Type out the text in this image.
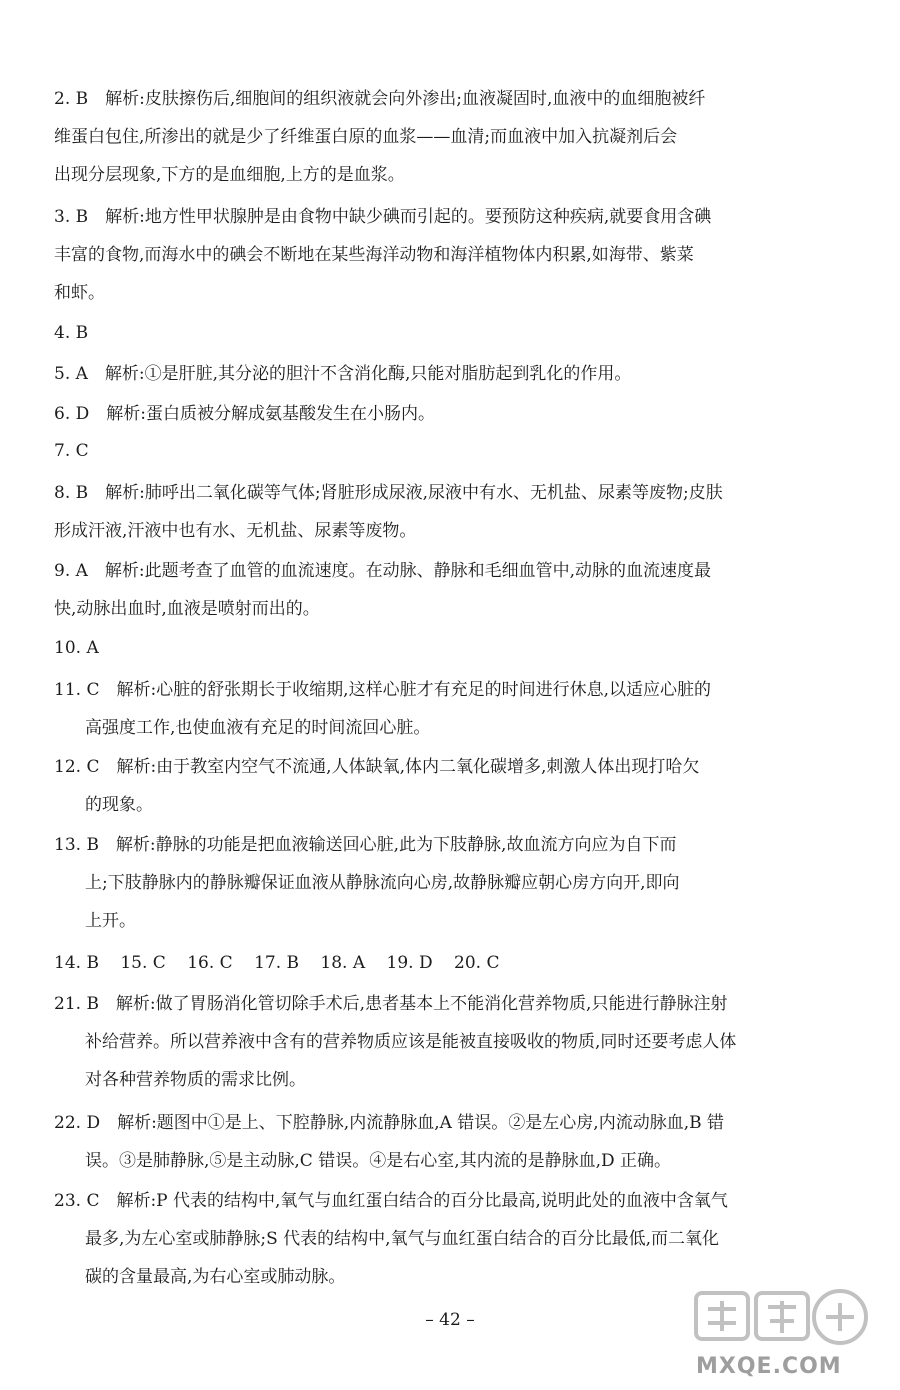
2. B　解析:皮肤擦伤后,细胞间的组织液就会向外渗出;血液凝固时,血液中的血细胞被纤
维蛋白包住,所渗出的就是少了纤维蛋白原的血浆——血清;而血液中加入抗凝剂后会
出现分层现象,下方的是血细胞,上方的是血浆。
3. B　解析:地方性甲状腺肿是由食物中缺少碘而引起的。要预防这种疾病,就要食用含碘
丰富的食物,而海水中的碘会不断地在某些海洋动物和海洋植物体内积累,如海带、紫菜
和虾。
4. B
5. A　解析:①是肝脏,其分泌的胆汁不含消化酶,只能对脂肪起到乳化的作用。
6. D　解析:蛋白质被分解成氨基酸发生在小肠内。
7. C
8. B　解析:肺呼出二氧化碳等气体;肾脏形成尿液,尿液中有水、无机盐、尿素等废物;皮肤
形成汗液,汗液中也有水、无机盐、尿素等废物。
9. A　解析:此题考查了血管的血流速度。在动脉、静脉和毛细血管中,动脉的血流速度最
快,动脉出血时,血液是喷射而出的。
10. A
11. C　解析:心脏的舒张期长于收缩期,这样心脏才有充足的时间进行休息,以适应心脏的
高强度工作,也使血液有充足的时间流回心脏。
12. C　解析:由于教室内空气不流通,人体缺氧,体内二氧化碳增多,刺激人体出现打哈欠
的现象。
13. B　解析:静脉的功能是把血液输送回心脏,此为下肢静脉,故血流方向应为自下而
上;下肢静脉内的静脉瓣保证血液从静脉流向心房,故静脉瓣应朝心房方向开,即向
上开。
14. B 15. C 16. C 17. B 18. A 19. D 20. C
21. B　解析:做了胃肠消化管切除手术后,患者基本上不能消化营养物质,只能进行静脉注射
补给营养。所以营养液中含有的营养物质应该是能被直接吸收的物质,同时还要考虑人体
对各种营养物质的需求比例。
22. D　解析:题图中①是上、下腔静脉,内流静脉血,A 错误。②是左心房,内流动脉血,B 错
误。③是肺静脉,⑤是主动脉,C 错误。④是右心室,其内流的是静脉血,D 正确。
23. C　解析:P 代表的结构中,氧气与血红蛋白结合的百分比最高,说明此处的血液中含氧气
最多,为左心室或肺静脉;S 代表的结构中,氧气与血红蛋白结合的百分比最低,而二氧化
碳的含量最高,为右心室或肺动脉。
– 42 –
MXQE.COM
